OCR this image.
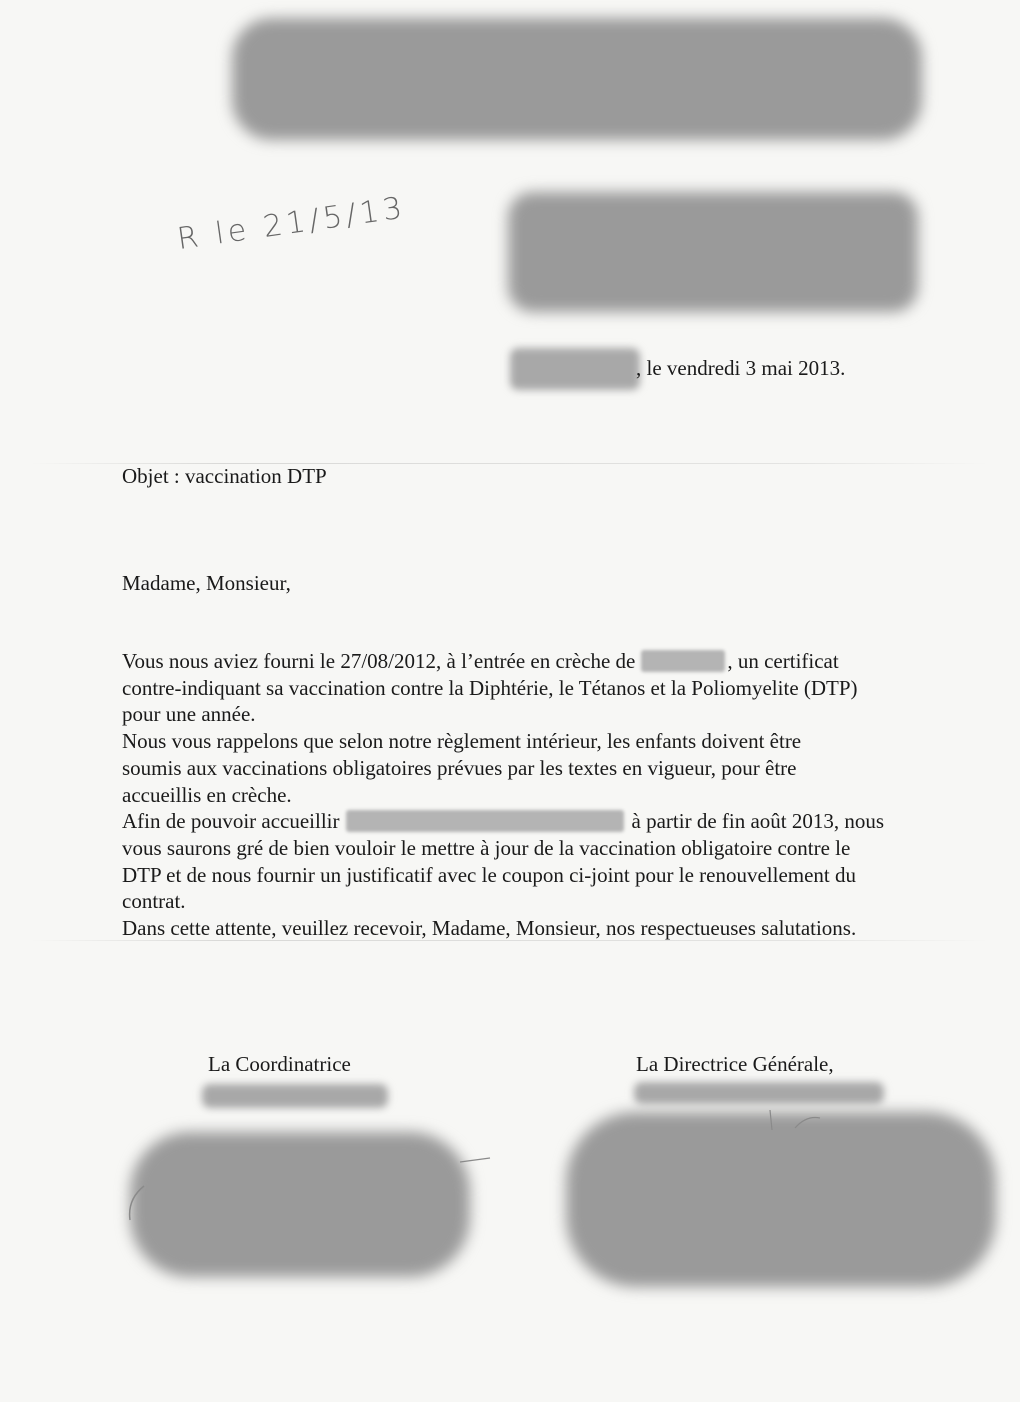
R le 21/5/13
, le vendredi 3 mai 2013.
Objet : vaccination DTP
Madame, Monsieur,
Vous nous aviez fourni le 27/08/2012, à l’entrée en crèche de	, un certificat
contre-indiquant sa vaccination contre la Diphtérie, le Tétanos et la Poliomyelite (DTP)
pour une année.
Nous vous rappelons que selon notre règlement intérieur, les enfants doivent être
soumis aux vaccinations obligatoires prévues par les textes en vigueur, pour être
accueillis en crèche.
Afin de pouvoir accueillir	à partir de fin août 2013, nous
vous saurons gré de bien vouloir le mettre à jour de la vaccination obligatoire contre le
DTP et de nous fournir un justificatif avec le coupon ci-joint pour le renouvellement du
contrat.
Dans cette attente, veuillez recevoir, Madame, Monsieur, nos respectueuses salutations.
La Coordinatrice	La Directrice Générale,
